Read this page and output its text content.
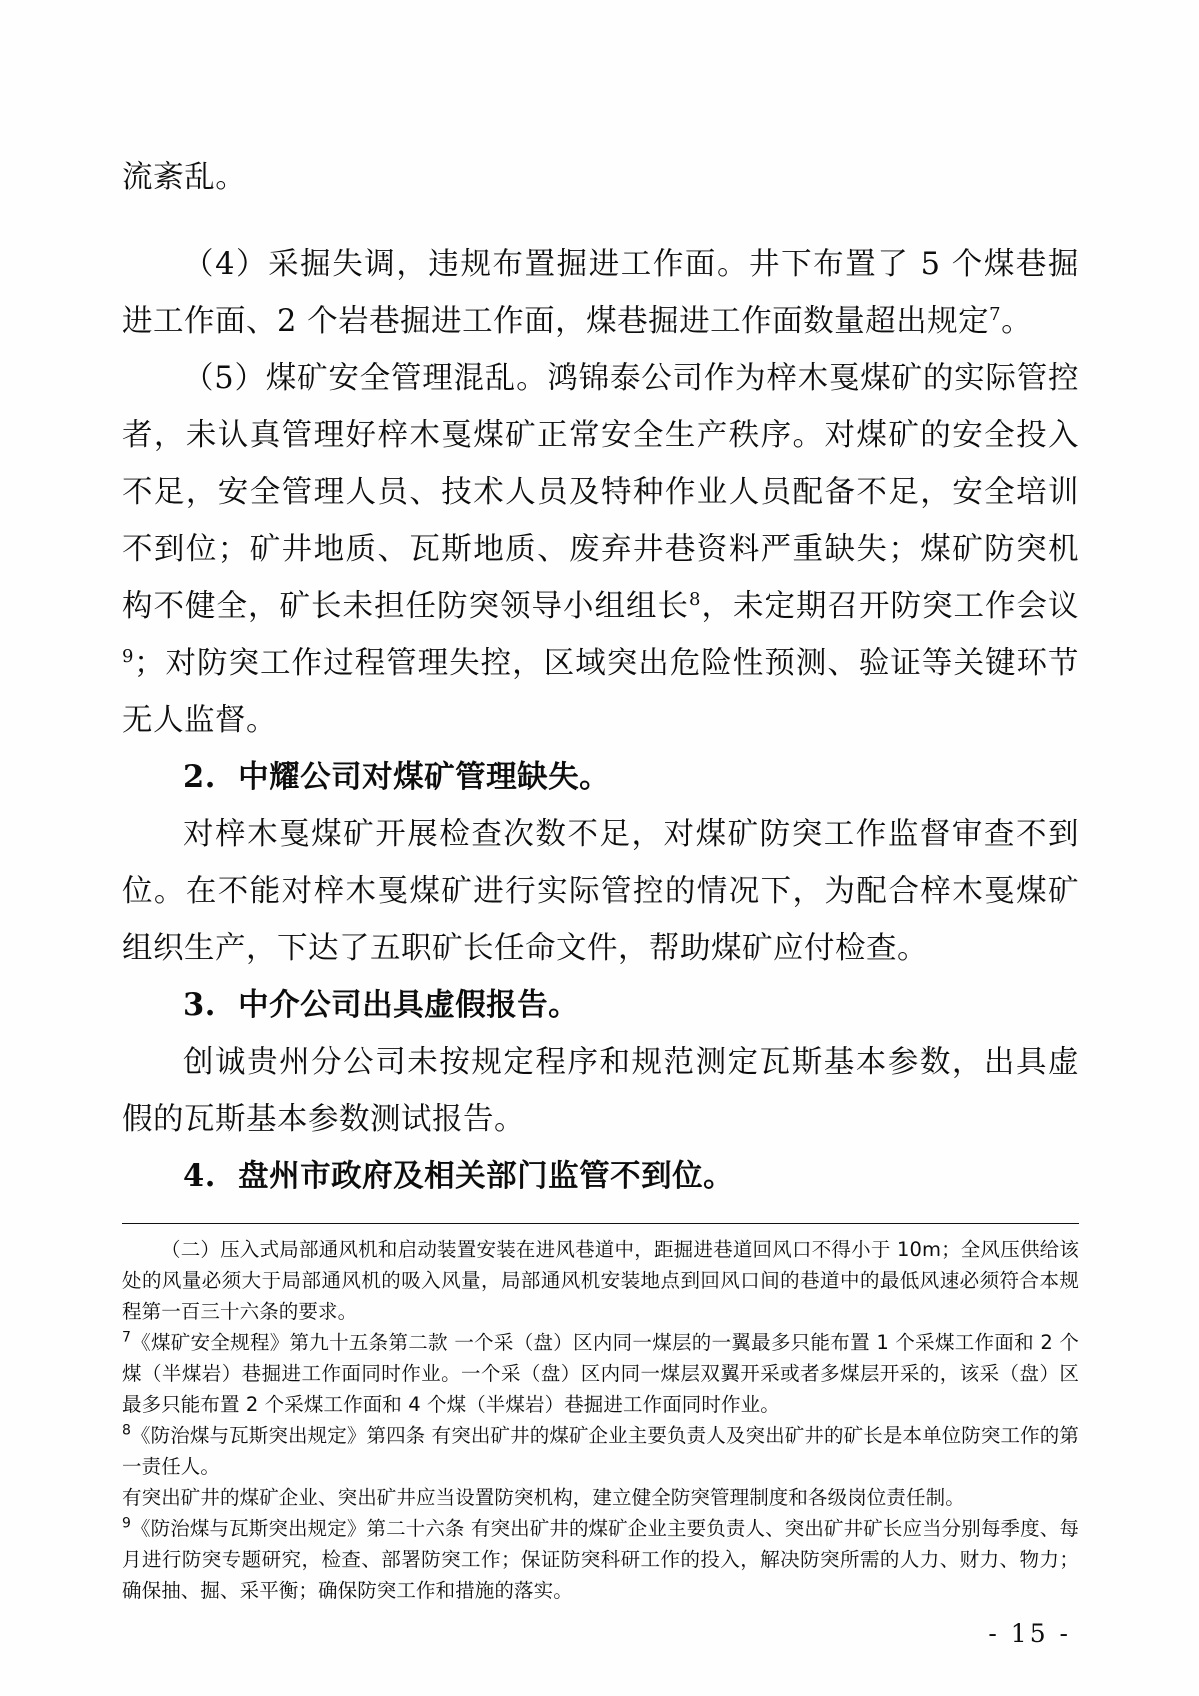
流紊乱。

（4）采掘失调，违规布置掘进工作面。井下布置了 5 个煤巷掘进工作面、2 个岩巷掘进工作面，煤巷掘进工作面数量超出规定$^7$。

（5）煤矿安全管理混乱。鸿锦泰公司作为梓木戛煤矿的实际管控者，未认真管理好梓木戛煤矿正常安全生产秩序。对煤矿的安全投入不足，安全管理人员、技术人员及特种作业人员配备不足，安全培训不到位；矿井地质、瓦斯地质、废弃井巷资料严重缺失；煤矿防突机构不健全，矿长未担任防突领导小组组长$^8$，未定期召开防突工作会议$^9$；对防突工作过程管理失控，区域突出危险性预测、验证等关键环节无人监督。

2. 中耀公司对煤矿管理缺失。

对梓木戛煤矿开展检查次数不足，对煤矿防突工作监督审查不到位。在不能对梓木戛煤矿进行实际管控的情况下，为配合梓木戛煤矿组织生产，下达了五职矿长任命文件，帮助煤矿应付检查。

3. 中介公司出具虚假报告。

创诚贵州分公司未按规定程序和规范测定瓦斯基本参数，出具虚假的瓦斯基本参数测试报告。

4. 盘州市政府及相关部门监管不到位。

（二）压入式局部通风机和启动装置安装在进风巷道中，距掘进巷道回风口不得小于 10m；全风压供给该处的风量必须大于局部通风机的吸入风量，局部通风机安装地点到回风口间的巷道中的最低风速必须符合本规程第一百三十六条的要求。

$^7$《煤矿安全规程》第九十五条第二款 一个采（盘）区内同一煤层的一翼最多只能布置 1 个采煤工作面和 2 个煤（半煤岩）巷掘进工作面同时作业。一个采（盘）区内同一煤层双翼开采或者多煤层开采的，该采（盘）区最多只能布置 2 个采煤工作面和 4 个煤（半煤岩）巷掘进工作面同时作业。

$^8$《防治煤与瓦斯突出规定》第四条 有突出矿井的煤矿企业主要负责人及突出矿井的矿长是本单位防突工作的第一责任人。

有突出矿井的煤矿企业、突出矿井应当设置防突机构，建立健全防突管理制度和各级岗位责任制。

$^9$《防治煤与瓦斯突出规定》第二十六条 有突出矿井的煤矿企业主要负责人、突出矿井矿长应当分别每季度、每月进行防突专题研究，检查、部署防突工作；保证防突科研工作的投入，解决防突所需的人力、财力、物力；确保抽、掘、采平衡；确保防突工作和措施的落实。

- 15 -
